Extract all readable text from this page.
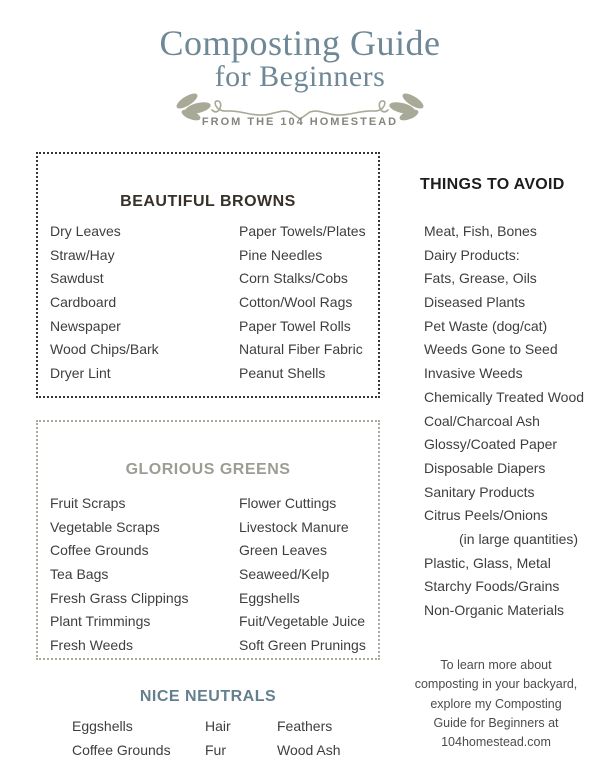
Composting Guide
for Beginners
FROM THE 104 HOMESTEAD
BEAUTIFUL BROWNS
Dry Leaves
Straw/Hay
Sawdust
Cardboard
Newspaper
Wood Chips/Bark
Dryer Lint
Paper Towels/Plates
Pine Needles
Corn Stalks/Cobs
Cotton/Wool Rags
Paper Towel Rolls
Natural Fiber Fabric
Peanut Shells
GLORIOUS GREENS
Fruit Scraps
Vegetable Scraps
Coffee Grounds
Tea Bags
Fresh Grass Clippings
Plant Trimmings
Fresh Weeds
Flower Cuttings
Livestock Manure
Green Leaves
Seaweed/Kelp
Eggshells
Fuit/Vegetable Juice
Soft Green Prunings
THINGS TO AVOID
Meat, Fish, Bones
Dairy Products:
Fats, Grease, Oils
Diseased Plants
Pet Waste (dog/cat)
Weeds Gone to Seed
Invasive Weeds
Chemically Treated Wood
Coal/Charcoal Ash
Glossy/Coated Paper
Disposable Diapers
Sanitary Products
Citrus Peels/Onions
(in large quantities)
Plastic, Glass, Metal
Starchy Foods/Grains
Non-Organic Materials
To learn more about
composting in your backyard,
explore my Composting
Guide for Beginners at
104homestead.com
NICE NEUTRALS
Eggshells
Coffee Grounds
Hair
Fur
Feathers
Wood Ash
